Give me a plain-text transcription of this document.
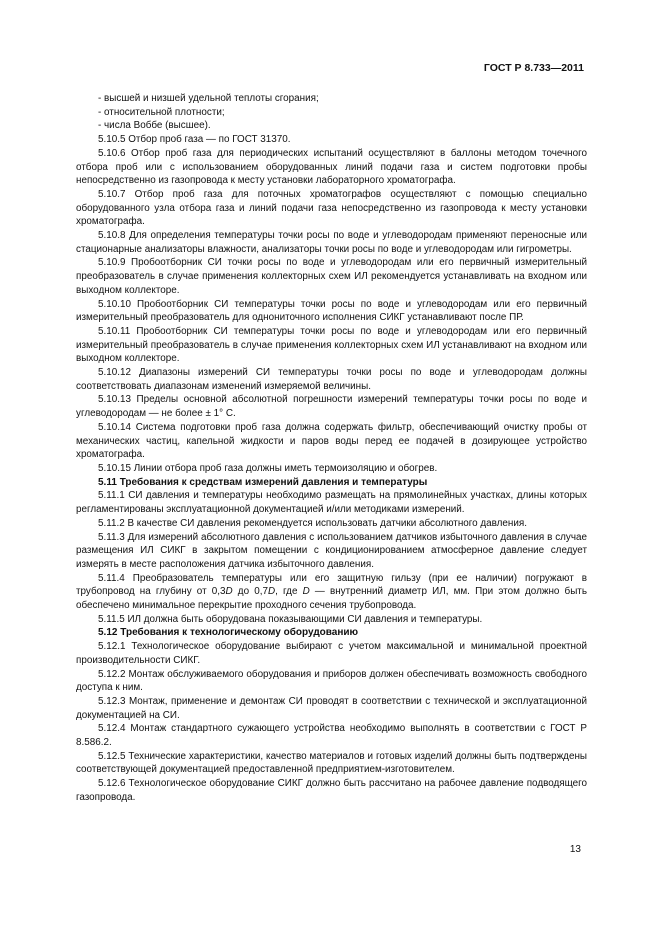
ГОСТ Р 8.733—2011

- высшей и низшей удельной теплоты сгорания;

- относительной плотности;

- числа Воббе (высшее).

5.10.5 Отбор проб газа — по ГОСТ 31370.

5.10.6 Отбор проб газа для периодических испытаний осуществляют в баллоны методом точечного отбора проб или с использованием оборудованных линий подачи газа и систем подготовки пробы непосредственно из газопровода к месту установки лабораторного хроматографа.

5.10.7 Отбор проб газа для поточных хроматографов осуществляют с помощью специально оборудованного узла отбора газа и линий подачи газа непосредственно из газопровода к месту установки хроматографа.

5.10.8 Для определения температуры точки росы по воде и углеводородам применяют переносные или стационарные анализаторы влажности, анализаторы точки росы по воде и углеводородам или гигрометры.

5.10.9 Пробоотборник СИ точки росы по воде и углеводородам или его первичный измерительный преобразователь в случае применения коллекторных схем ИЛ рекомендуется устанавливать на входном или выходном коллекторе.

5.10.10 Пробоотборник СИ температуры точки росы по воде и углеводородам или его первичный измерительный преобразователь для однониточного исполнения СИКГ устанавливают после ПР.

5.10.11 Пробоотборник СИ температуры точки росы по воде и углеводородам или его первичный измерительный преобразователь в случае применения коллекторных схем ИЛ устанавливают на входном или выходном коллекторе.

5.10.12 Диапазоны измерений СИ температуры точки росы по воде и углеводородам должны соответствовать диапазонам изменений измеряемой величины.

5.10.13 Пределы основной абсолютной погрешности измерений температуры точки росы по воде и углеводородам — не более ± 1° С.

5.10.14 Система подготовки проб газа должна содержать фильтр, обеспечивающий очистку пробы от механических частиц, капельной жидкости и паров воды перед ее подачей в дозирующее устройство хроматографа.

5.10.15 Линии отбора проб газа должны иметь термоизоляцию и обогрев.

5.11 Требования к средствам измерений давления и температуры

5.11.1 СИ давления и температуры необходимо размещать на прямолинейных участках, длины которых регламентированы эксплуатационной документацией и/или методиками измерений.

5.11.2 В качестве СИ давления рекомендуется использовать датчики абсолютного давления.

5.11.3 Для измерений абсолютного давления с использованием датчиков избыточного давления в случае размещения ИЛ СИКГ в закрытом помещении с кондиционированием атмосферное давление следует измерять в месте расположения датчика избыточного давления.

5.11.4 Преобразователь температуры или его защитную гильзу (при ее наличии) погружают в трубопровод на глубину от 0,3D до 0,7D, где D — внутренний диаметр ИЛ, мм. При этом должно быть обеспечено минимальное перекрытие проходного сечения трубопровода.

5.11.5 ИЛ должна быть оборудована показывающими СИ давления и температуры.

5.12 Требования к технологическому оборудованию

5.12.1 Технологическое оборудование выбирают с учетом максимальной и минимальной проектной производительности СИКГ.

5.12.2 Монтаж обслуживаемого оборудования и приборов должен обеспечивать возможность свободного доступа к ним.

5.12.3 Монтаж, применение и демонтаж СИ проводят в соответствии с технической и эксплуатационной документацией на СИ.

5.12.4 Монтаж стандартного сужающего устройства необходимо выполнять в соответствии с ГОСТ Р 8.586.2.

5.12.5 Технические характеристики, качество материалов и готовых изделий должны быть подтверждены соответствующей документацией предоставленной предприятием-изготовителем.

5.12.6 Технологическое оборудование СИКГ должно быть рассчитано на рабочее давление подводящего газопровода.

13
